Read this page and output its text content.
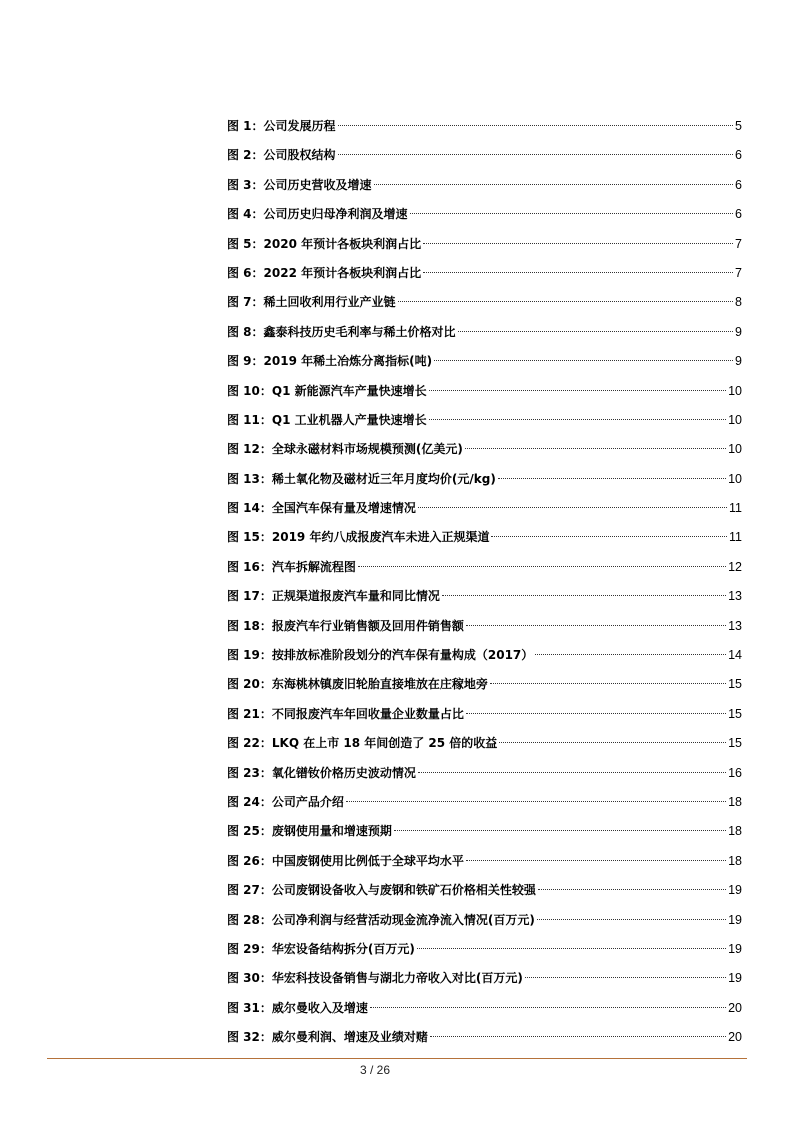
图 1：公司发展历程	5
图 2：公司股权结构	6
图 3：公司历史营收及增速	6
图 4：公司历史归母净利润及增速	6
图 5：2020 年预计各板块利润占比	7
图 6：2022 年预计各板块利润占比	7
图 7：稀土回收利用行业产业链	8
图 8：鑫泰科技历史毛利率与稀土价格对比	9
图 9：2019 年稀土冶炼分离指标(吨)	9
图 10：Q1 新能源汽车产量快速增长	10
图 11：Q1 工业机器人产量快速增长	10
图 12：全球永磁材料市场规模预测(亿美元)	10
图 13：稀土氧化物及磁材近三年月度均价(元/kg)	10
图 14：全国汽车保有量及增速情况	11
图 15：2019 年约八成报废汽车未进入正规渠道	11
图 16：汽车拆解流程图	12
图 17：正规渠道报废汽车量和同比情况	13
图 18：报废汽车行业销售额及回用件销售额	13
图 19：按排放标准阶段划分的汽车保有量构成（2017）	14
图 20：东海桃林镇废旧轮胎直接堆放在庄稼地旁	15
图 21：不同报废汽车年回收量企业数量占比	15
图 22：LKQ 在上市 18 年间创造了 25 倍的收益	15
图 23：氧化镨钕价格历史波动情况	16
图 24：公司产品介绍	18
图 25：废钢使用量和增速预期	18
图 26：中国废钢使用比例低于全球平均水平	18
图 27：公司废钢设备收入与废钢和铁矿石价格相关性较强	19
图 28：公司净利润与经营活动现金流净流入情况(百万元)	19
图 29：华宏设备结构拆分(百万元)	19
图 30：华宏科技设备销售与湖北力帝收入对比(百万元)	19
图 31：威尔曼收入及增速	20
图 32：威尔曼利润、增速及业绩对赌	20
3 / 26
